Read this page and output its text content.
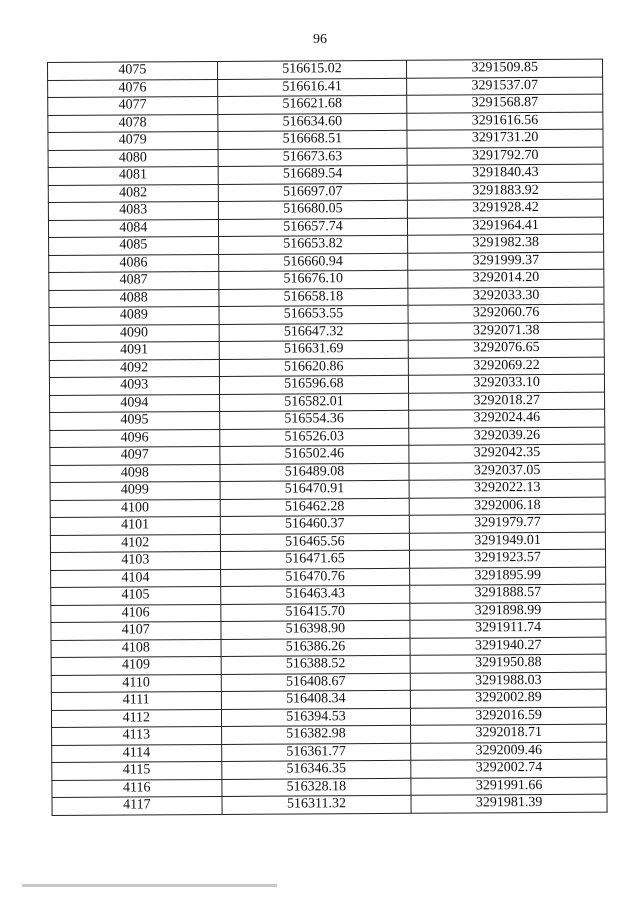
96
4075	516615.02	3291509.85
4076	516616.41	3291537.07
4077	516621.68	3291568.87
4078	516634.60	3291616.56
4079	516668.51	3291731.20
4080	516673.63	3291792.70
4081	516689.54	3291840.43
4082	516697.07	3291883.92
4083	516680.05	3291928.42
4084	516657.74	3291964.41
4085	516653.82	3291982.38
4086	516660.94	3291999.37
4087	516676.10	3292014.20
4088	516658.18	3292033.30
4089	516653.55	3292060.76
4090	516647.32	3292071.38
4091	516631.69	3292076.65
4092	516620.86	3292069.22
4093	516596.68	3292033.10
4094	516582.01	3292018.27
4095	516554.36	3292024.46
4096	516526.03	3292039.26
4097	516502.46	3292042.35
4098	516489.08	3292037.05
4099	516470.91	3292022.13
4100	516462.28	3292006.18
4101	516460.37	3291979.77
4102	516465.56	3291949.01
4103	516471.65	3291923.57
4104	516470.76	3291895.99
4105	516463.43	3291888.57
4106	516415.70	3291898.99
4107	516398.90	3291911.74
4108	516386.26	3291940.27
4109	516388.52	3291950.88
4110	516408.67	3291988.03
4111	516408.34	3292002.89
4112	516394.53	3292016.59
4113	516382.98	3292018.71
4114	516361.77	3292009.46
4115	516346.35	3292002.74
4116	516328.18	3291991.66
4117	516311.32	3291981.39
